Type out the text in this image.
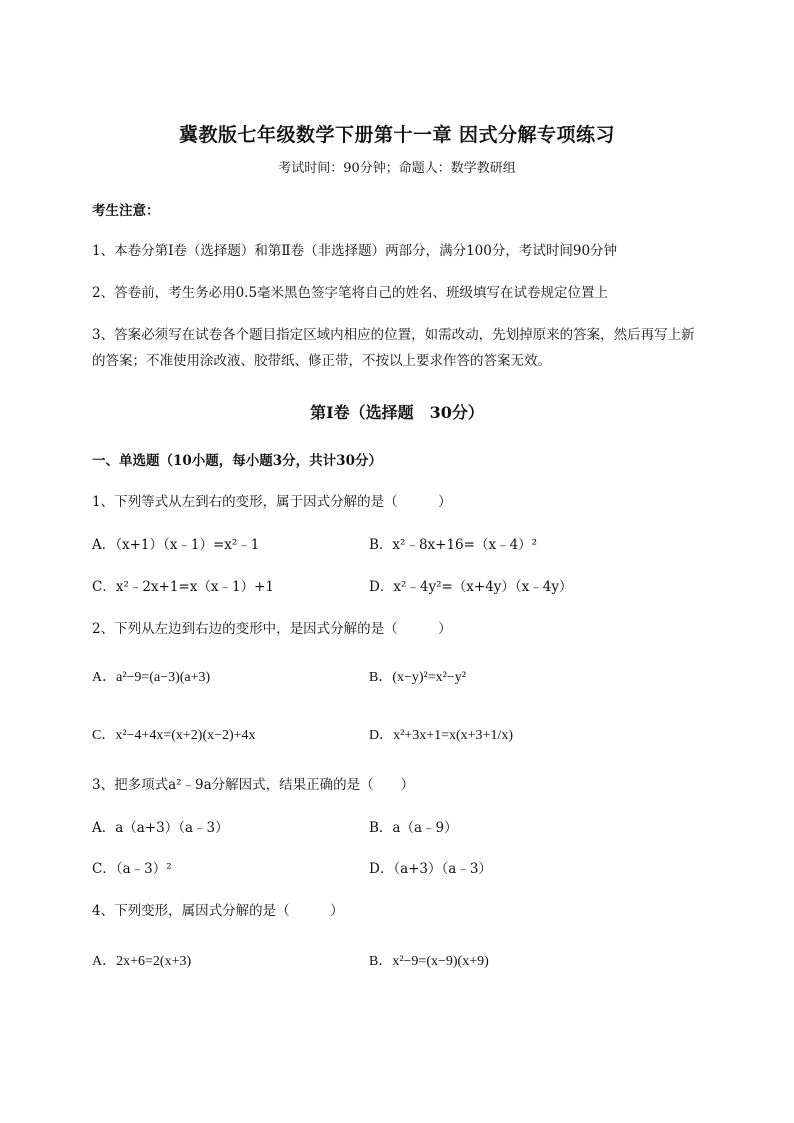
冀教版七年级数学下册第十一章 因式分解专项练习
考试时间：90分钟；命题人：数学教研组
考生注意：
1、本卷分第I卷（选择题）和第Ⅱ卷（非选择题）两部分，满分100分，考试时间90分钟
2、答卷前，考生务必用0.5毫米黑色签字笔将自己的姓名、班级填写在试卷规定位置上
3、答案必须写在试卷各个题目指定区域内相应的位置，如需改动，先划掉原来的答案，然后再写上新
的答案；不准使用涂改液、胶带纸、修正带，不按以上要求作答的答案无效。
第I卷（选择题　30分）
一、单选题（10小题，每小题3分，共计30分）
1、下列等式从左到右的变形，属于因式分解的是（　　　）
A．（x+1）（x﹣1）=x²﹣1	B．x²﹣8x+16=（x﹣4）²
C．x²﹣2x+1=x（x﹣1）+1	D．x²﹣4y²=（x+4y）（x﹣4y）
2、下列从左边到右边的变形中，是因式分解的是（　　　）
A．a²−9=(a−3)(a+3)	B．(x−y)²=x²−y²
C．x²−4+4x=(x+2)(x−2)+4x	D．x²+3x+1=x(x+3+1/x)
3、把多项式a²﹣9a分解因式，结果正确的是（　　）
A．a（a+3）（a﹣3）	B．a（a﹣9）
C．（a﹣3）²	D．（a+3）（a﹣3）
4、下列变形，属因式分解的是（　　　）
A．2x+6=2(x+3)	B．x²−9=(x−9)(x+9)
